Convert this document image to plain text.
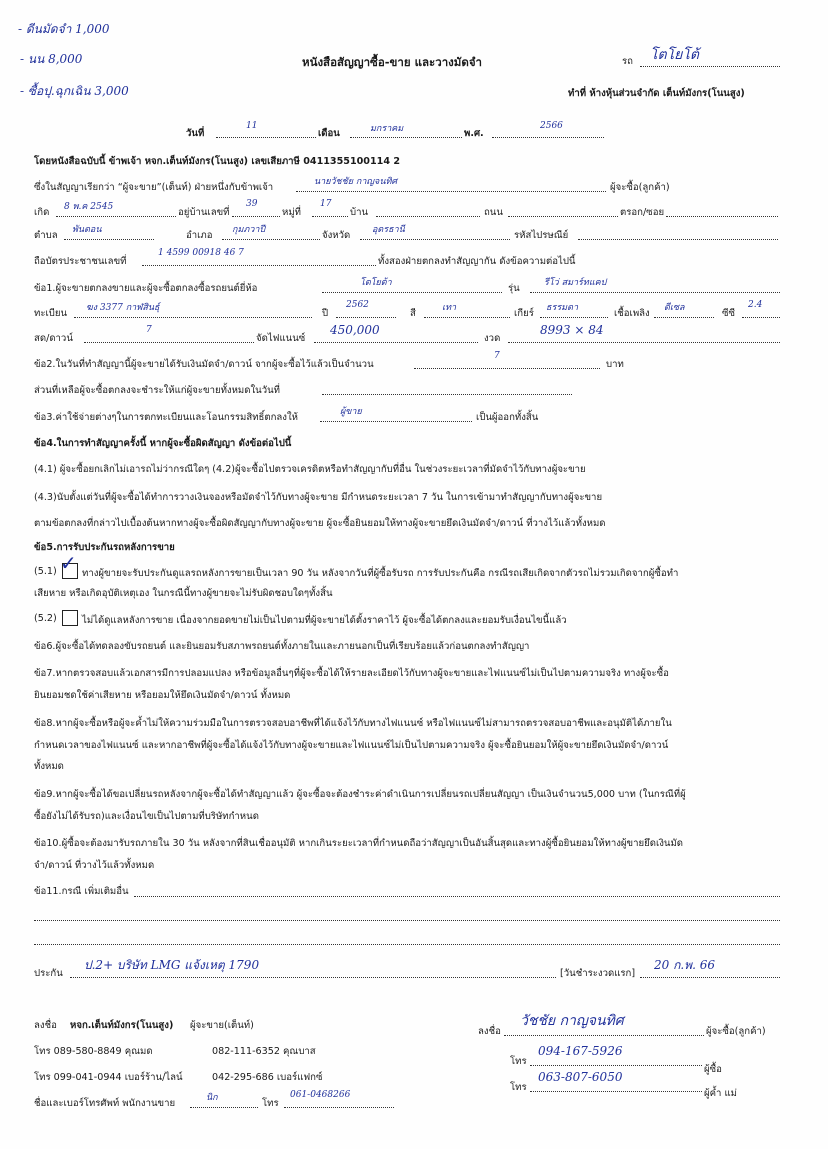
- ดีนมัดจำ 1,000
- นน 8,000
- ซื้อปุ.ฉุกเฉิน 3,000
หนังสือสัญญาซื้อ-ขาย และวางมัดจำ	รถ โตโยโต้
ทำที่ ห้างหุ้นส่วนจำกัด เต็นท์มังกร(โนนสูง)
วันที่
11
เดือน	มกราคม	พ.ศ.
2566
โดยหนังสือฉบับนี้ ข้าพเจ้า หจก.เต็นท์มังกร(โนนสูง) เลขเสียภาษี 0411355100114 2
ซึ่งในสัญญาเรียกว่า “ผู้จะขาย”(เต็นท์) ฝ่ายหนึ่งกับข้าพเจ้า	นายวัชชัย กาญจนทิศ	ผู้จะซื้อ(ลูกค้า)
เกิด 8 พ.ค 2545	อยู่บ้านเลขที่
39
หมู่ที่
17
บ้าน	ถนน	ตรอก/ซอย
ตำบล พันดอน	อำเภอ กุมภวาปี	จังหวัด อุดรธานี	รหัสไปรษณีย์
ถือบัตรประชาชนเลขที่
1 4599 00918 46 7
ทั้งสองฝ่ายตกลงทำสัญญากัน ดังข้อความต่อไปนี้
ข้อ1.ผู้จะขายตกลงขายและผู้จะซื้อตกลงซื้อรถยนต์ยี่ห้อ	โตโยต้า	รุ่น	รีโว่ สมาร์ทแคป
ทะเบียน ฆง 3377 กาฬสินธุ์	ปี
2562
สี	เทา	เกียร์ ธรรมดา	เชื้อเพลิง ดีเซล	ซีซี
2.4
สด/ดาวน์
7
จัดไฟแนนซ์
450,000
งวด
8993 × 84
ข้อ2.ในวันที่ทำสัญญานี้ผู้จะขายได้รับเงินมัดจำ/ดาวน์ จากผู้จะซื้อไว้แล้วเป็นจำนวน
7
บาท
ส่วนที่เหลือผู้จะซื้อตกลงจะชำระให้แก่ผู้จะขายทั้งหมดในวันที่
ข้อ3.ค่าใช้จ่ายต่างๆในการตกทะเบียนและโอนกรรมสิทธิ์ตกลงให้	ผู้ขาย	เป็นผู้ออกทั้งสิ้น
ข้อ4.ในการทำสัญญาครั้งนี้ หากผู้จะซื้อผิดสัญญา ดังข้อต่อไปนี้
(4.1) ผู้จะซื้อยกเลิกไม่เอารถไม่ว่ากรณีใดๆ (4.2)ผู้จะซื้อไปตรวจเครดิตหรือทำสัญญากับที่อื่น ในช่วงระยะเวลาที่มัดจำไว้กับทางผู้จะขาย
(4.3)นับตั้งแต่วันที่ผู้จะซื้อได้ทำการวางเงินจองหรือมัดจำไว้กับทางผู้จะขาย มีกำหนดระยะเวลา 7 วัน ในการเข้ามาทำสัญญากับทางผู้จะขาย
ตามข้อตกลงที่กล่าวไปเบื้องต้นหากทางผู้จะซื้อผิดสัญญากับทางผู้จะขาย ผู้จะซื้อยินยอมให้ทางผู้จะขายยึดเงินมัดจำ/ดาวน์ ที่วางไว้แล้วทั้งหมด
ข้อ5.การรับประกันรถหลังการขาย
(5.1) ✓ ทางผู้ขายจะรับประกันดูแลรถหลังการขายเป็นเวลา 90 วัน หลังจากวันที่ผู้ซื้อรับรถ การรับประกันคือ กรณีรถเสียเกิดจากตัวรถไม่รวมเกิดจากผู้ซื้อทำ
เสียหาย หรือเกิดอุบัติเหตุเอง ในกรณีนี้ทางผู้ขายจะไม่รับผิดชอบใดๆทั้งสิ้น
(5.2)	ไม่ได้ดูแลหลังการขาย เนื่องจากยอดขายไม่เป็นไปตามที่ผู้จะขายได้ตั้งราคาไว้ ผู้จะซื้อได้ตกลงและยอมรับเงื่อนไขนี้แล้ว
ข้อ6.ผู้จะซื้อได้ทดลองขับรถยนต์ และยินยอมรับสภาพรถยนต์ทั้งภายในและภายนอกเป็นที่เรียบร้อยแล้วก่อนตกลงทำสัญญา
ข้อ7.หากตรวจสอบแล้วเอกสารมีการปลอมแปลง หรือข้อมูลอื่นๆที่ผู้จะซื้อได้ให้รายละเอียดไว้กับทางผู้จะขายและไฟแนนซ์ไม่เป็นไปตามความจริง ทางผู้จะซื้อ
ยินยอมชดใช้ค่าเสียหาย หรือยอมให้ยึดเงินมัดจำ/ดาวน์ ทั้งหมด
ข้อ8.หากผู้จะซื้อหรือผู้จะค้ำไม่ให้ความร่วมมือในการตรวจสอบอาชีพที่ได้แจ้งไว้กับทางไฟแนนซ์ หรือไฟแนนซ์ไม่สามารถตรวจสอบอาชีพและอนุมัติได้ภายใน
กำหนดเวลาของไฟแนนซ์ และหากอาชีพที่ผู้จะซื้อได้แจ้งไว้กับทางผู้จะขายและไฟแนนซ์ไม่เป็นไปตามความจริง ผู้จะซื้อยินยอมให้ผู้จะขายยึดเงินมัดจำ/ดาวน์
ทั้งหมด
ข้อ9.หากผู้จะซื้อได้ขอเปลี่ยนรถหลังจากผู้จะซื้อได้ทำสัญญาแล้ว ผู้จะซื้อจะต้องชำระค่าดำเนินการเปลี่ยนรถเปลี่ยนสัญญา เป็นเงินจำนวน5,000 บาท (ในกรณีที่ผู้
ซื้อยังไม่ได้รับรถ)และเงื่อนไขเป็นไปตามที่บริษัทกำหนด
ข้อ10.ผู้ซื้อจะต้องมารับรถภายใน 30 วัน หลังจากที่สินเชื่ออนุมัติ หากเกินระยะเวลาที่กำหนดถือว่าสัญญาเป็นอันสิ้นสุดและทางผู้ซื้อยินยอมให้ทางผู้ขายยึดเงินมัด
จำ/ดาวน์ ที่วางไว้แล้วทั้งหมด
ข้อ11.กรณี เพิ่มเติมอื่น
ประกัน
ป.2+ บริษัท LMG แจ้งเหตุ 1790
[วันชำระงวดแรก]
20 ก.พ. 66
ลงชื่อ หจก.เต็นท์มังกร(โนนสูง) ผู้จะขาย(เต็นท์)
โทร 089-580-8849 คุณมด	082-111-6352 คุณบาส
โทร 099-041-0944 เบอร์ร้าน/ไลน์	042-295-686 เบอร์แฟกซ์
ชื่อและเบอร์โทรศัพท์ พนักงานขาย	นิก	โทร
061-0468266
ลงชื่อ
วัชชัย กาญจนทิศ
ผู้จะซื้อ(ลูกค้า)
โทร
094-167-5926
ผู้ซื้อ
โทร
063-807-6050
ผู้ค้ำ แม่
